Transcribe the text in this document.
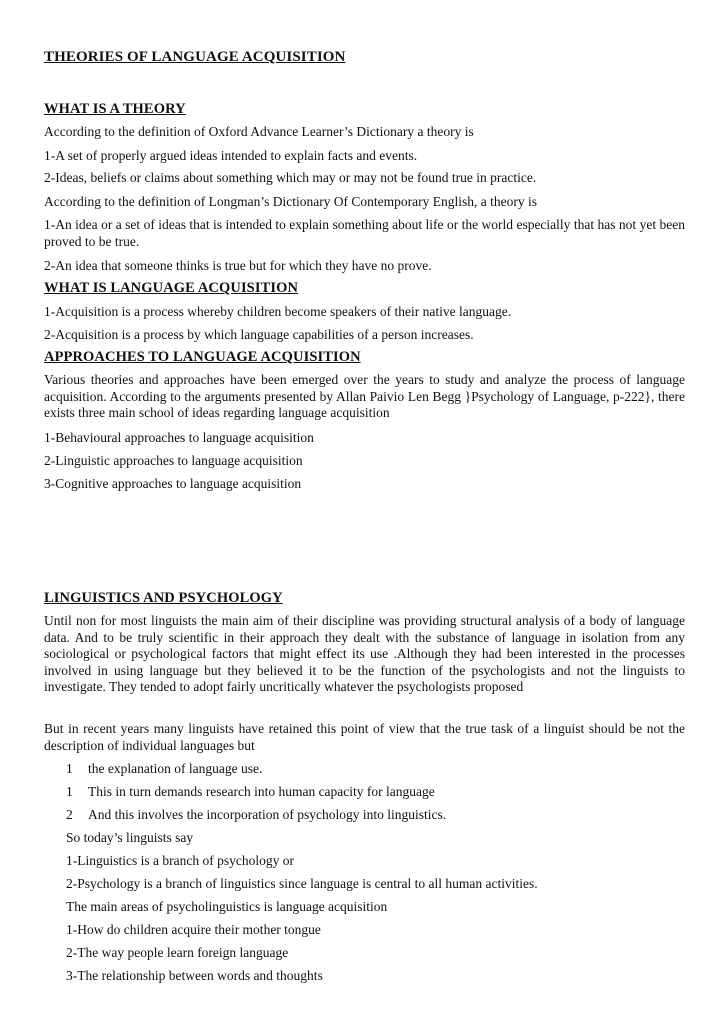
THEORIES OF LANGUAGE ACQUISITION
WHAT IS A THEORY
According to the definition of Oxford Advance Learner’s Dictionary a theory is
1-A set of properly argued ideas intended to explain facts and events.
2-Ideas, beliefs or claims about something which may or may not be found true in practice.
According to the definition of Longman’s Dictionary Of Contemporary English, a theory is
1-An idea or a set of ideas that is intended to explain something about life or the world especially that has not yet been proved to be true.
2-An idea that someone thinks is true but for which they have no prove.
WHAT IS LANGUAGE ACQUISITION
1-Acquisition is a process whereby children become speakers of their native language.
2-Acquisition is a process by which language capabilities of a person increases.
APPROACHES TO LANGUAGE ACQUISITION
Various theories and approaches have been emerged over the years to study and analyze the process of language acquisition. According to the arguments presented by Allan Paivio Len Begg }Psychology of Language, p-222}, there exists three main school of ideas regarding language acquisition
1-Behavioural approaches to language acquisition
2-Linguistic approaches to language acquisition
3-Cognitive approaches to language acquisition
LINGUISTICS AND PSYCHOLOGY
Until non for most linguists the main aim of their discipline was providing structural analysis of a body of language data. And to be truly scientific in their approach they dealt with the substance of language in isolation from any sociological or psychological factors that might effect its use .Although they had been interested in the processes involved in using language but they believed it to be the function of the psychologists and not the linguists to investigate. They tended to adopt fairly uncritically whatever the psychologists proposed
But in recent years many linguists have retained this point of view that the true task of a linguist should be not the description of individual languages but
1 the explanation of language use.
1 This in turn demands research into human capacity for language
2 And this involves the incorporation of psychology into linguistics.
So today’s linguists say
1-Linguistics is a branch of psychology or
2-Psychology is a branch of linguistics since language is central to all human activities.
The main areas of psycholinguistics is language acquisition
1-How do children acquire their mother tongue
2-The way people learn foreign language
3-The relationship between words and thoughts
